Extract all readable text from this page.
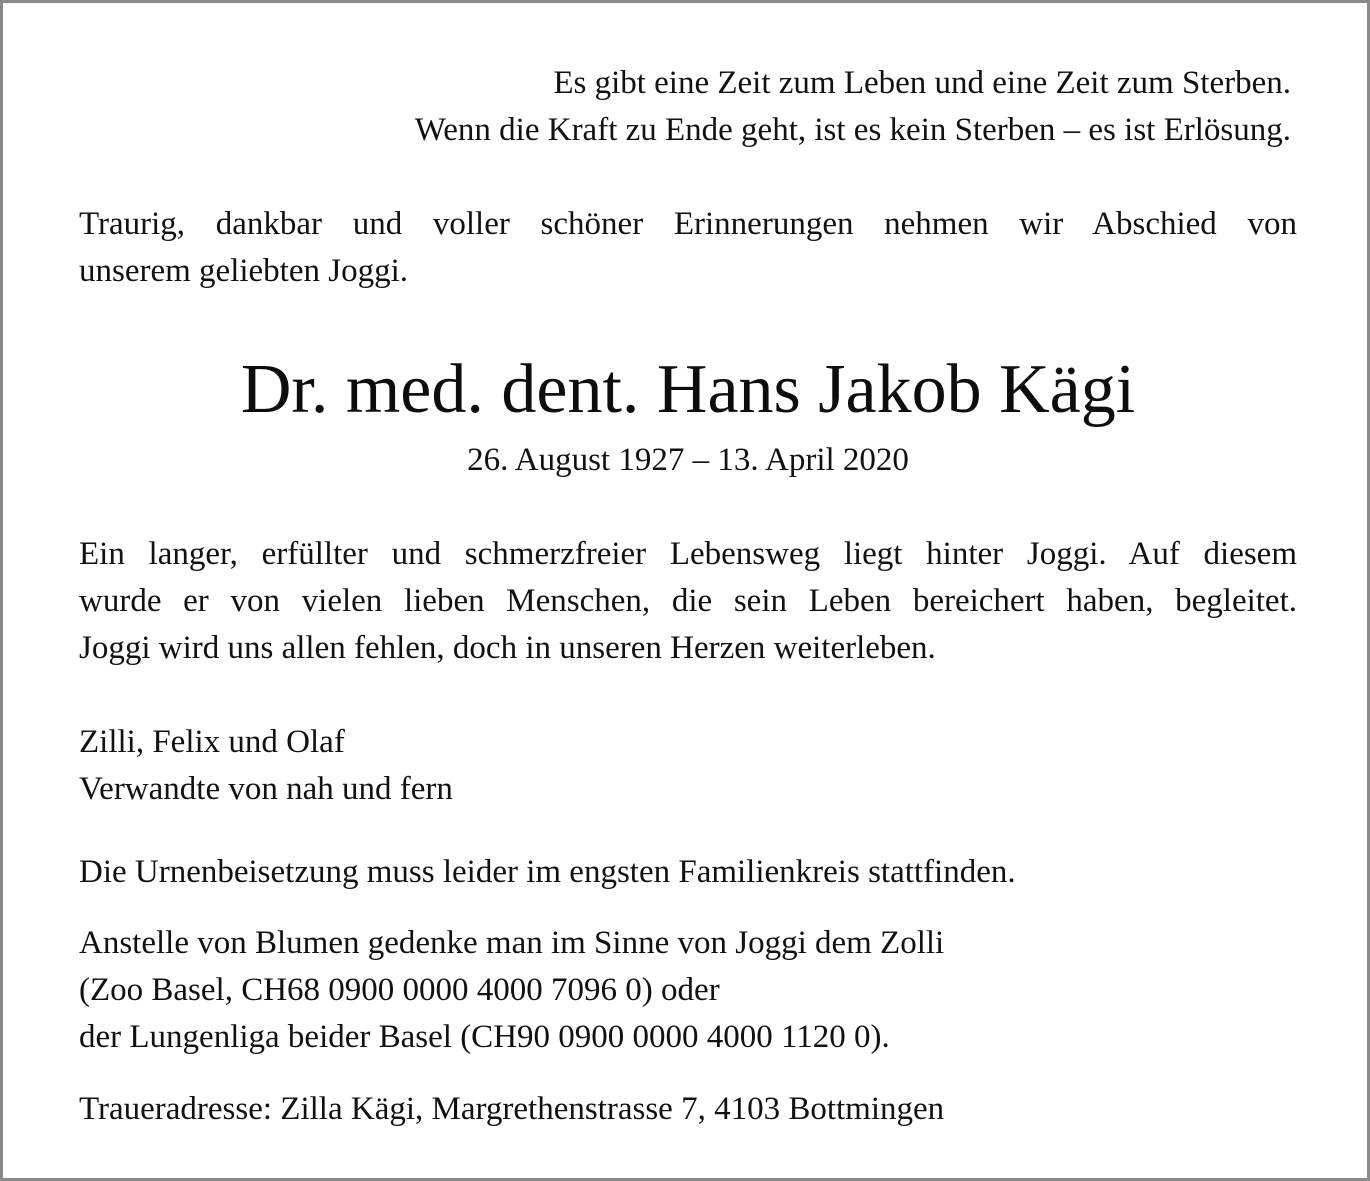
Es gibt eine Zeit zum Leben und eine Zeit zum Sterben.

Wenn die Kraft zu Ende geht, ist es kein Sterben – es ist Erlösung.

Traurig, dankbar und voller schöner Erinnerungen nehmen wir Abschied von

unserem geliebten Joggi.

Dr. med. dent. Hans Jakob Kägi

26. August 1927 – 13. April 2020

Ein langer, erfüllter und schmerzfreier Lebensweg liegt hinter Joggi. Auf diesem

wurde er von vielen lieben Menschen, die sein Leben bereichert haben, begleitet.

Joggi wird uns allen fehlen, doch in unseren Herzen weiterleben.

Zilli, Felix und Olaf

Verwandte von nah und fern

Die Urnenbeisetzung muss leider im engsten Familienkreis stattfinden.

Anstelle von Blumen gedenke man im Sinne von Joggi dem Zolli

(Zoo Basel, CH68 0900 0000 4000 7096 0) oder

der Lungenliga beider Basel (CH90 0900 0000 4000 1120 0).

Traueradresse: Zilla Kägi, Margrethenstrasse 7, 4103 Bottmingen
